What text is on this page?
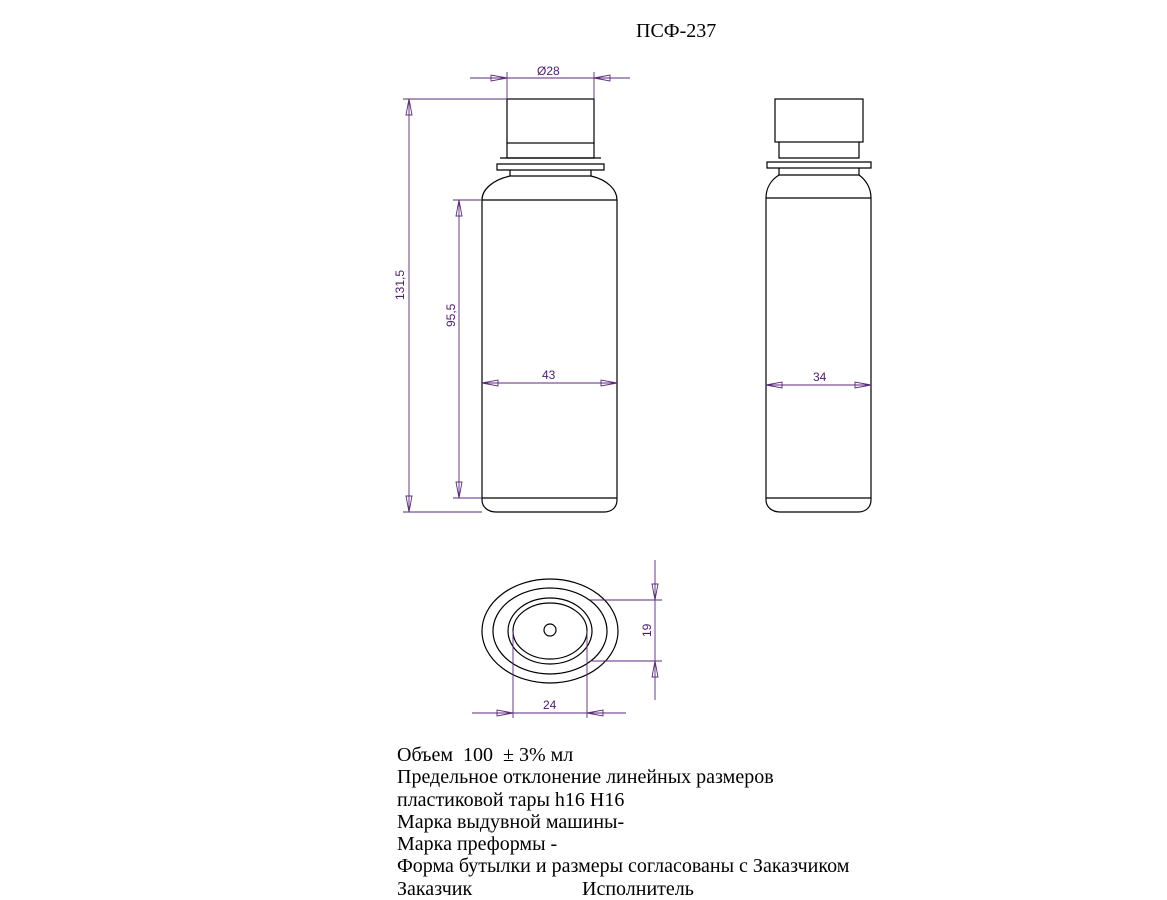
ПСФ-237
Ø28
131,5
95,5
43	34
24
19
Объем  100  ± 3% мл
Предельное отклонение линейных размеров
пластиковой тары h16 H16
Марка выдувной машины-
Марка преформы -
Форма бутылки и размеры согласованы с Заказчиком
Заказчик	Исполнитель
